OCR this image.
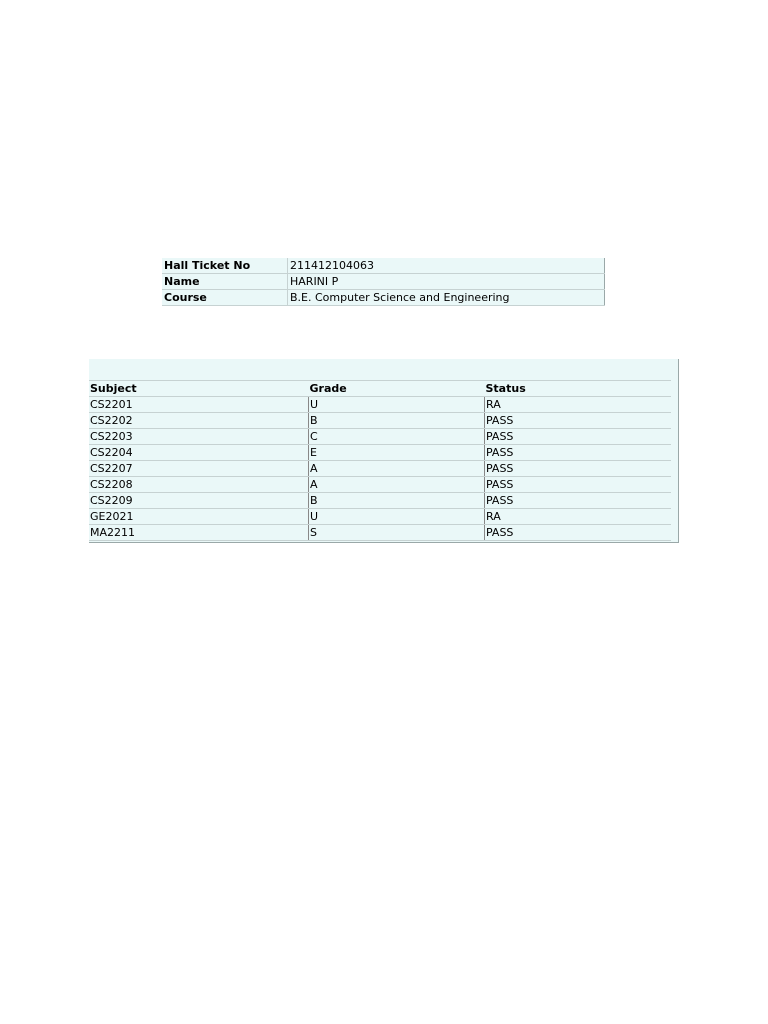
Hall Ticket No	211412104063
Name	HARINI P
Course	B.E. Computer Science and Engineering
Subject	Grade	Status
CS2201	U	RA
CS2202	B	PASS
CS2203	C	PASS
CS2204	E	PASS
CS2207	A	PASS
CS2208	A	PASS
CS2209	B	PASS
GE2021	U	RA
MA2211	S	PASS
